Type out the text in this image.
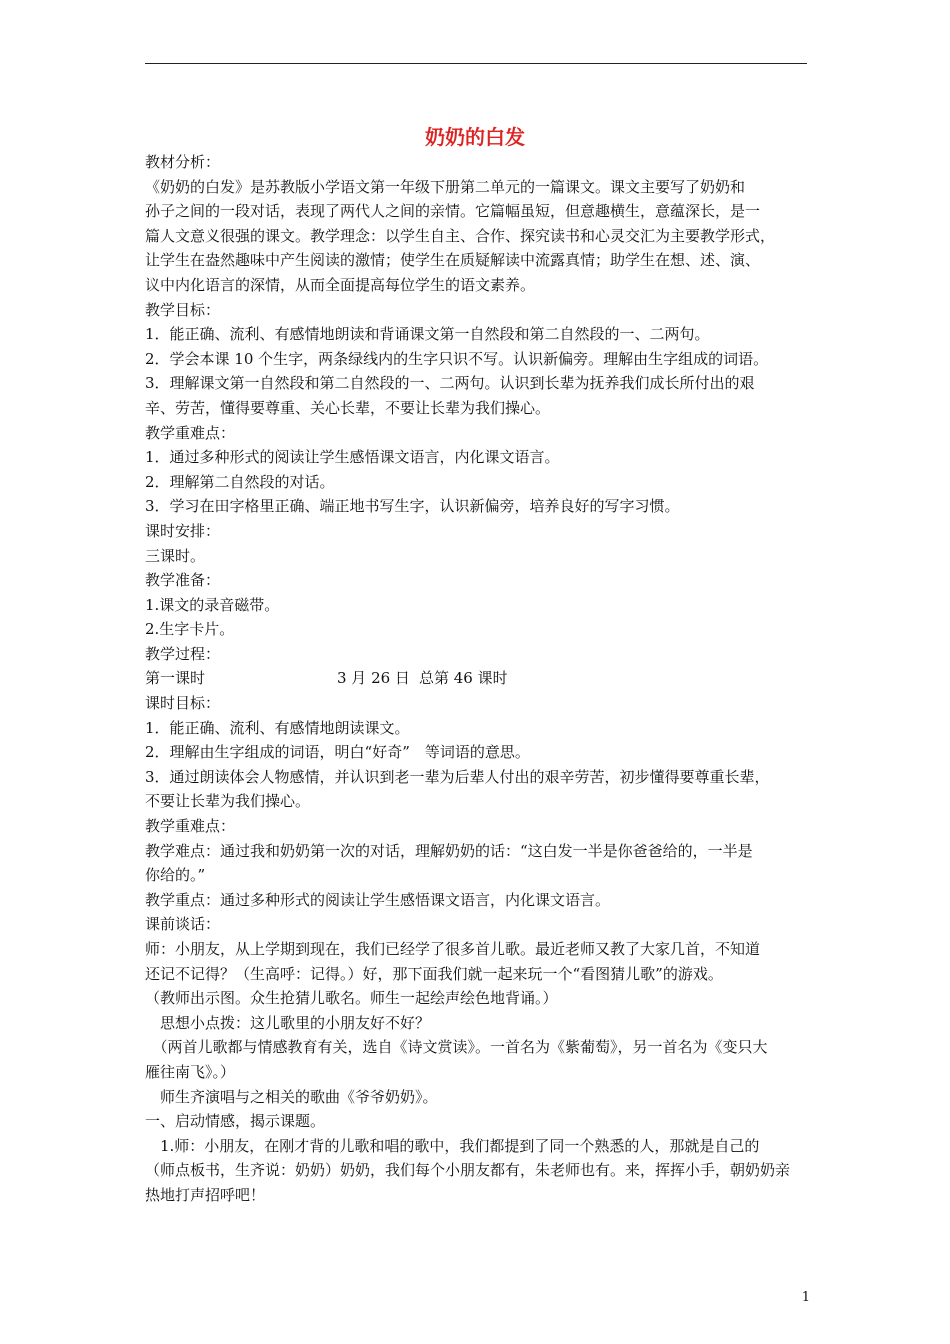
奶奶的白发
教材分析：
《奶奶的白发》是苏教版小学语文第一年级下册第二单元的一篇课文。课文主要写了奶奶和
孙子之间的一段对话，表现了两代人之间的亲情。它篇幅虽短，但意趣横生，意蕴深长，是一
篇人文意义很强的课文。教学理念：以学生自主、合作、探究读书和心灵交汇为主要教学形式，
让学生在盎然趣味中产生阅读的激情；使学生在质疑解读中流露真情；助学生在想、述、演、
议中内化语言的深情，从而全面提高每位学生的语文素养。
教学目标：
1．能正确、流利、有感情地朗读和背诵课文第一自然段和第二自然段的一、二两句。
2．学会本课 10 个生字，两条绿线内的生字只识不写。认识新偏旁。理解由生字组成的词语。
3．理解课文第一自然段和第二自然段的一、二两句。认识到长辈为抚养我们成长所付出的艰
辛、劳苦，懂得要尊重、关心长辈，不要让长辈为我们操心。
教学重难点：
1．通过多种形式的阅读让学生感悟课文语言，内化课文语言。
2．理解第二自然段的对话。
3．学习在田字格里正确、端正地书写生字，认识新偏旁，培养良好的写字习惯。
课时安排：
三课时。
教学准备：
1.课文的录音磁带。
2.生字卡片。
教学过程：
第一课时	3 月 26 日 总第 46 课时
课时目标：
1．能正确、流利、有感情地朗读课文。
2．理解由生字组成的词语，明白“好奇”　等词语的意思。
3．通过朗读体会人物感情，并认识到老一辈为后辈人付出的艰辛劳苦，初步懂得要尊重长辈，
不要让长辈为我们操心。
教学重难点：
教学难点：通过我和奶奶第一次的对话，理解奶奶的话：“这白发一半是你爸爸给的，一半是
你给的。”
教学重点：通过多种形式的阅读让学生感悟课文语言，内化课文语言。
课前谈话：
师：小朋友，从上学期到现在，我们已经学了很多首儿歌。最近老师又教了大家几首，不知道
还记不记得？（生高呼：记得。）好，那下面我们就一起来玩一个“看图猜儿歌”的游戏。
（教师出示图。众生抢猜儿歌名。师生一起绘声绘色地背诵。）
　思想小点拨：这儿歌里的小朋友好不好？
　（两首儿歌都与情感教育有关，选自《诗文赏读》。一首名为《紫葡萄》，另一首名为《变只大
雁往南飞》。）
　师生齐演唱与之相关的歌曲《爷爷奶奶》。
一、启动情感，揭示课题。
　1.师：小朋友，在刚才背的儿歌和唱的歌中，我们都提到了同一个熟悉的人，那就是自己的
（师点板书，生齐说：奶奶）奶奶，我们每个小朋友都有，朱老师也有。来，挥挥小手，朝奶奶亲
热地打声招呼吧！
1
